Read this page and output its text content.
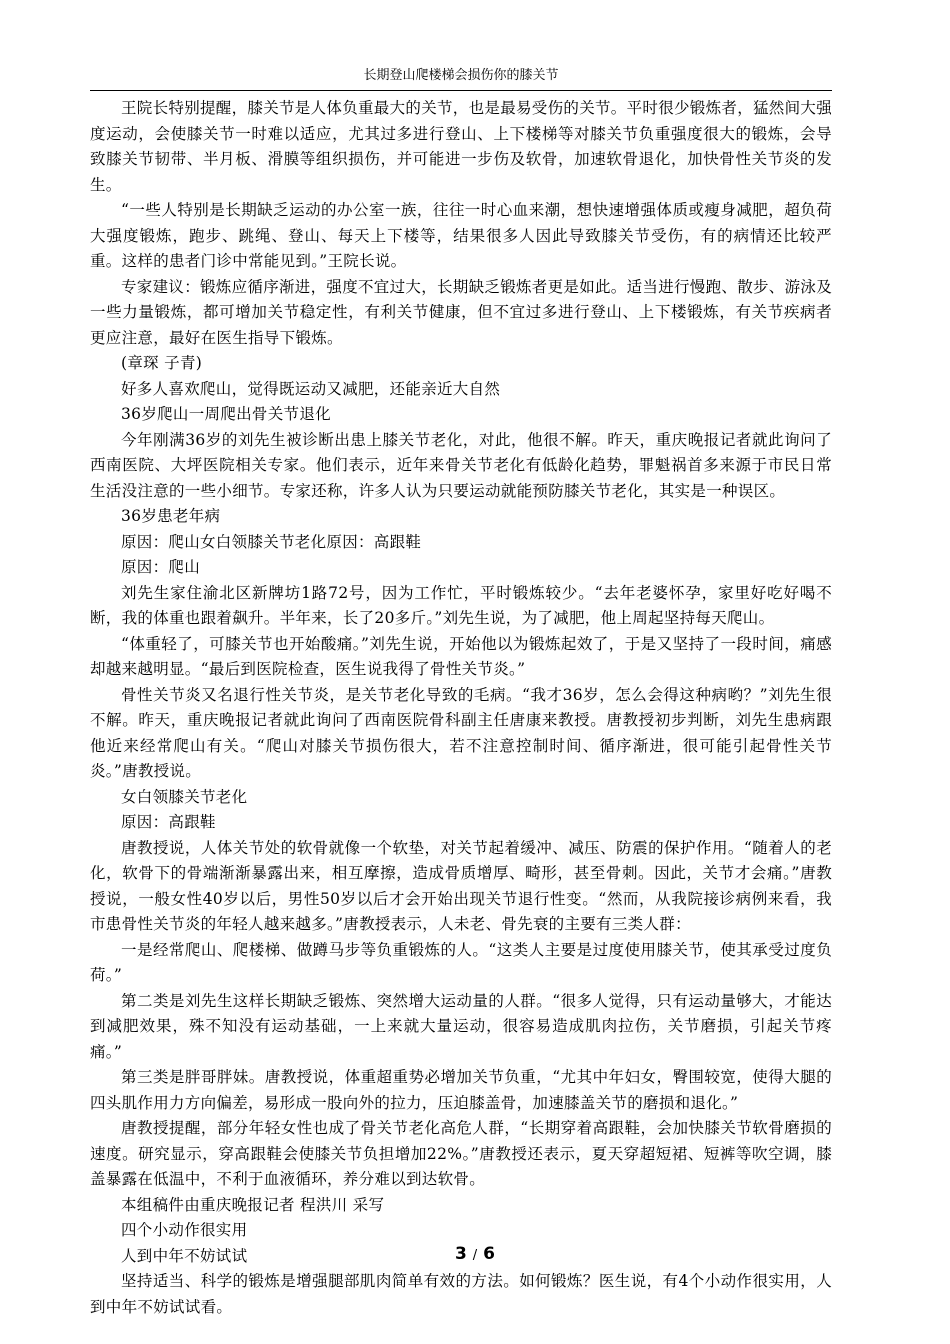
长期登山爬楼梯会损伤你的膝关节

王院长特别提醒，膝关节是人体负重最大的关节，也是最易受伤的关节。平时很少锻炼者，猛然间大强度运动，会使膝关节一时难以适应，尤其过多进行登山、上下楼梯等对膝关节负重强度很大的锻炼，会导致膝关节韧带、半月板、滑膜等组织损伤，并可能进一步伤及软骨，加速软骨退化，加快骨性关节炎的发生。

“一些人特别是长期缺乏运动的办公室一族，往往一时心血来潮，想快速增强体质或瘦身减肥，超负荷大强度锻炼，跑步、跳绳、登山、每天上下楼等，结果很多人因此导致膝关节受伤，有的病情还比较严重。这样的患者门诊中常能见到。”王院长说。

专家建议：锻炼应循序渐进，强度不宜过大，长期缺乏锻炼者更是如此。适当进行慢跑、散步、游泳及一些力量锻炼，都可增加关节稳定性，有利关节健康，但不宜过多进行登山、上下楼锻炼，有关节疾病者更应注意，最好在医生指导下锻炼。

(章琛 子青)

好多人喜欢爬山，觉得既运动又减肥，还能亲近大自然

36岁爬山一周爬出骨关节退化

今年刚满36岁的刘先生被诊断出患上膝关节老化，对此，他很不解。昨天，重庆晚报记者就此询问了西南医院、大坪医院相关专家。他们表示，近年来骨关节老化有低龄化趋势，罪魁祸首多来源于市民日常生活没注意的一些小细节。专家还称，许多人认为只要运动就能预防膝关节老化，其实是一种误区。

36岁患老年病

原因：爬山女白领膝关节老化原因：高跟鞋

原因：爬山

刘先生家住渝北区新牌坊1路72号，因为工作忙，平时锻炼较少。“去年老婆怀孕，家里好吃好喝不断，我的体重也跟着飙升。半年来，长了20多斤。”刘先生说，为了减肥，他上周起坚持每天爬山。

“体重轻了，可膝关节也开始酸痛。”刘先生说，开始他以为锻炼起效了，于是又坚持了一段时间，痛感却越来越明显。“最后到医院检查，医生说我得了骨性关节炎。”

骨性关节炎又名退行性关节炎，是关节老化导致的毛病。“我才36岁，怎么会得这种病哟？”刘先生很不解。昨天，重庆晚报记者就此询问了西南医院骨科副主任唐康来教授。唐教授初步判断，刘先生患病跟他近来经常爬山有关。“爬山对膝关节损伤很大，若不注意控制时间、循序渐进，很可能引起骨性关节炎。”唐教授说。

女白领膝关节老化

原因：高跟鞋

唐教授说，人体关节处的软骨就像一个软垫，对关节起着缓冲、减压、防震的保护作用。“随着人的老化，软骨下的骨端渐渐暴露出来，相互摩擦，造成骨质增厚、畸形，甚至骨刺。因此，关节才会痛。”唐教授说，一般女性40岁以后，男性50岁以后才会开始出现关节退行性变。“然而，从我院接诊病例来看，我市患骨性关节炎的年轻人越来越多。”唐教授表示，人未老、骨先衰的主要有三类人群：

一是经常爬山、爬楼梯、做蹲马步等负重锻炼的人。“这类人主要是过度使用膝关节，使其承受过度负荷。”

第二类是刘先生这样长期缺乏锻炼、突然增大运动量的人群。“很多人觉得，只有运动量够大，才能达到减肥效果，殊不知没有运动基础，一上来就大量运动，很容易造成肌肉拉伤，关节磨损，引起关节疼痛。”

第三类是胖哥胖妹。唐教授说，体重超重势必增加关节负重，“尤其中年妇女，臀围较宽，使得大腿的四头肌作用力方向偏差，易形成一股向外的拉力，压迫膝盖骨，加速膝盖关节的磨损和退化。”

唐教授提醒，部分年轻女性也成了骨关节老化高危人群，“长期穿着高跟鞋，会加快膝关节软骨磨损的速度。研究显示，穿高跟鞋会使膝关节负担增加22%。”唐教授还表示，夏天穿超短裙、短裤等吹空调，膝盖暴露在低温中，不利于血液循环，养分难以到达软骨。

本组稿件由重庆晚报记者 程洪川 采写

四个小动作很实用

人到中年不妨试试

坚持适当、科学的锻炼是增强腿部肌肉简单有效的方法。如何锻炼？医生说，有4个小动作很实用，人到中年不妨试试看。

3 / 6
